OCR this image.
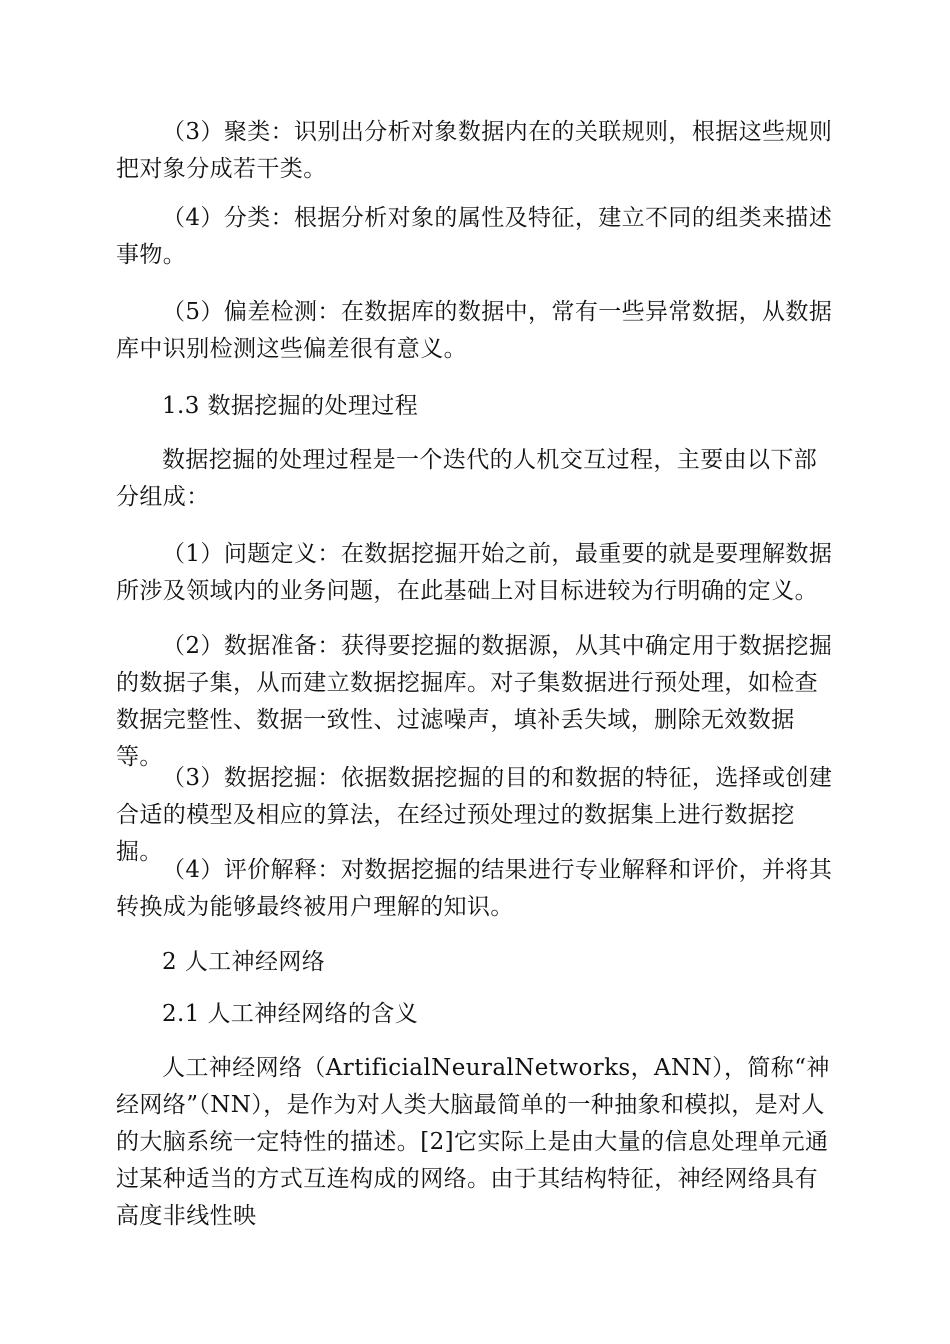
（3）聚类：识别出分析对象数据内在的关联规则，根据这些规则把对象分成若干类。

（4）分类：根据分析对象的属性及特征，建立不同的组类来描述事物。

（5）偏差检测：在数据库的数据中，常有一些异常数据，从数据库中识别检测这些偏差很有意义。

1.3 数据挖掘的处理过程

数据挖掘的处理过程是一个迭代的人机交互过程，主要由以下部分组成：

（1）问题定义：在数据挖掘开始之前，最重要的就是要理解数据所涉及领域内的业务问题，在此基础上对目标进较为行明确的定义。

（2）数据准备：获得要挖掘的数据源，从其中确定用于数据挖掘的数据子集，从而建立数据挖掘库。对子集数据进行预处理，如检查数据完整性、数据一致性、过滤噪声，填补丢失域，删除无效数据等。

（3）数据挖掘：依据数据挖掘的目的和数据的特征，选择或创建合适的模型及相应的算法，在经过预处理过的数据集上进行数据挖掘。

（4）评价解释：对数据挖掘的结果进行专业解释和评价，并将其转换成为能够最终被用户理解的知识。

2 人工神经网络

2.1 人工神经网络的含义

人工神经网络（ArtificialNeuralNetworks，ANN），简称“神经网络”（NN），是作为对人类大脑最简单的一种抽象和模拟，是对人的大脑系统一定特性的描述。[2]它实际上是由大量的信息处理单元通过某种适当的方式互连构成的网络。由于其结构特征，神经网络具有高度非线性映
